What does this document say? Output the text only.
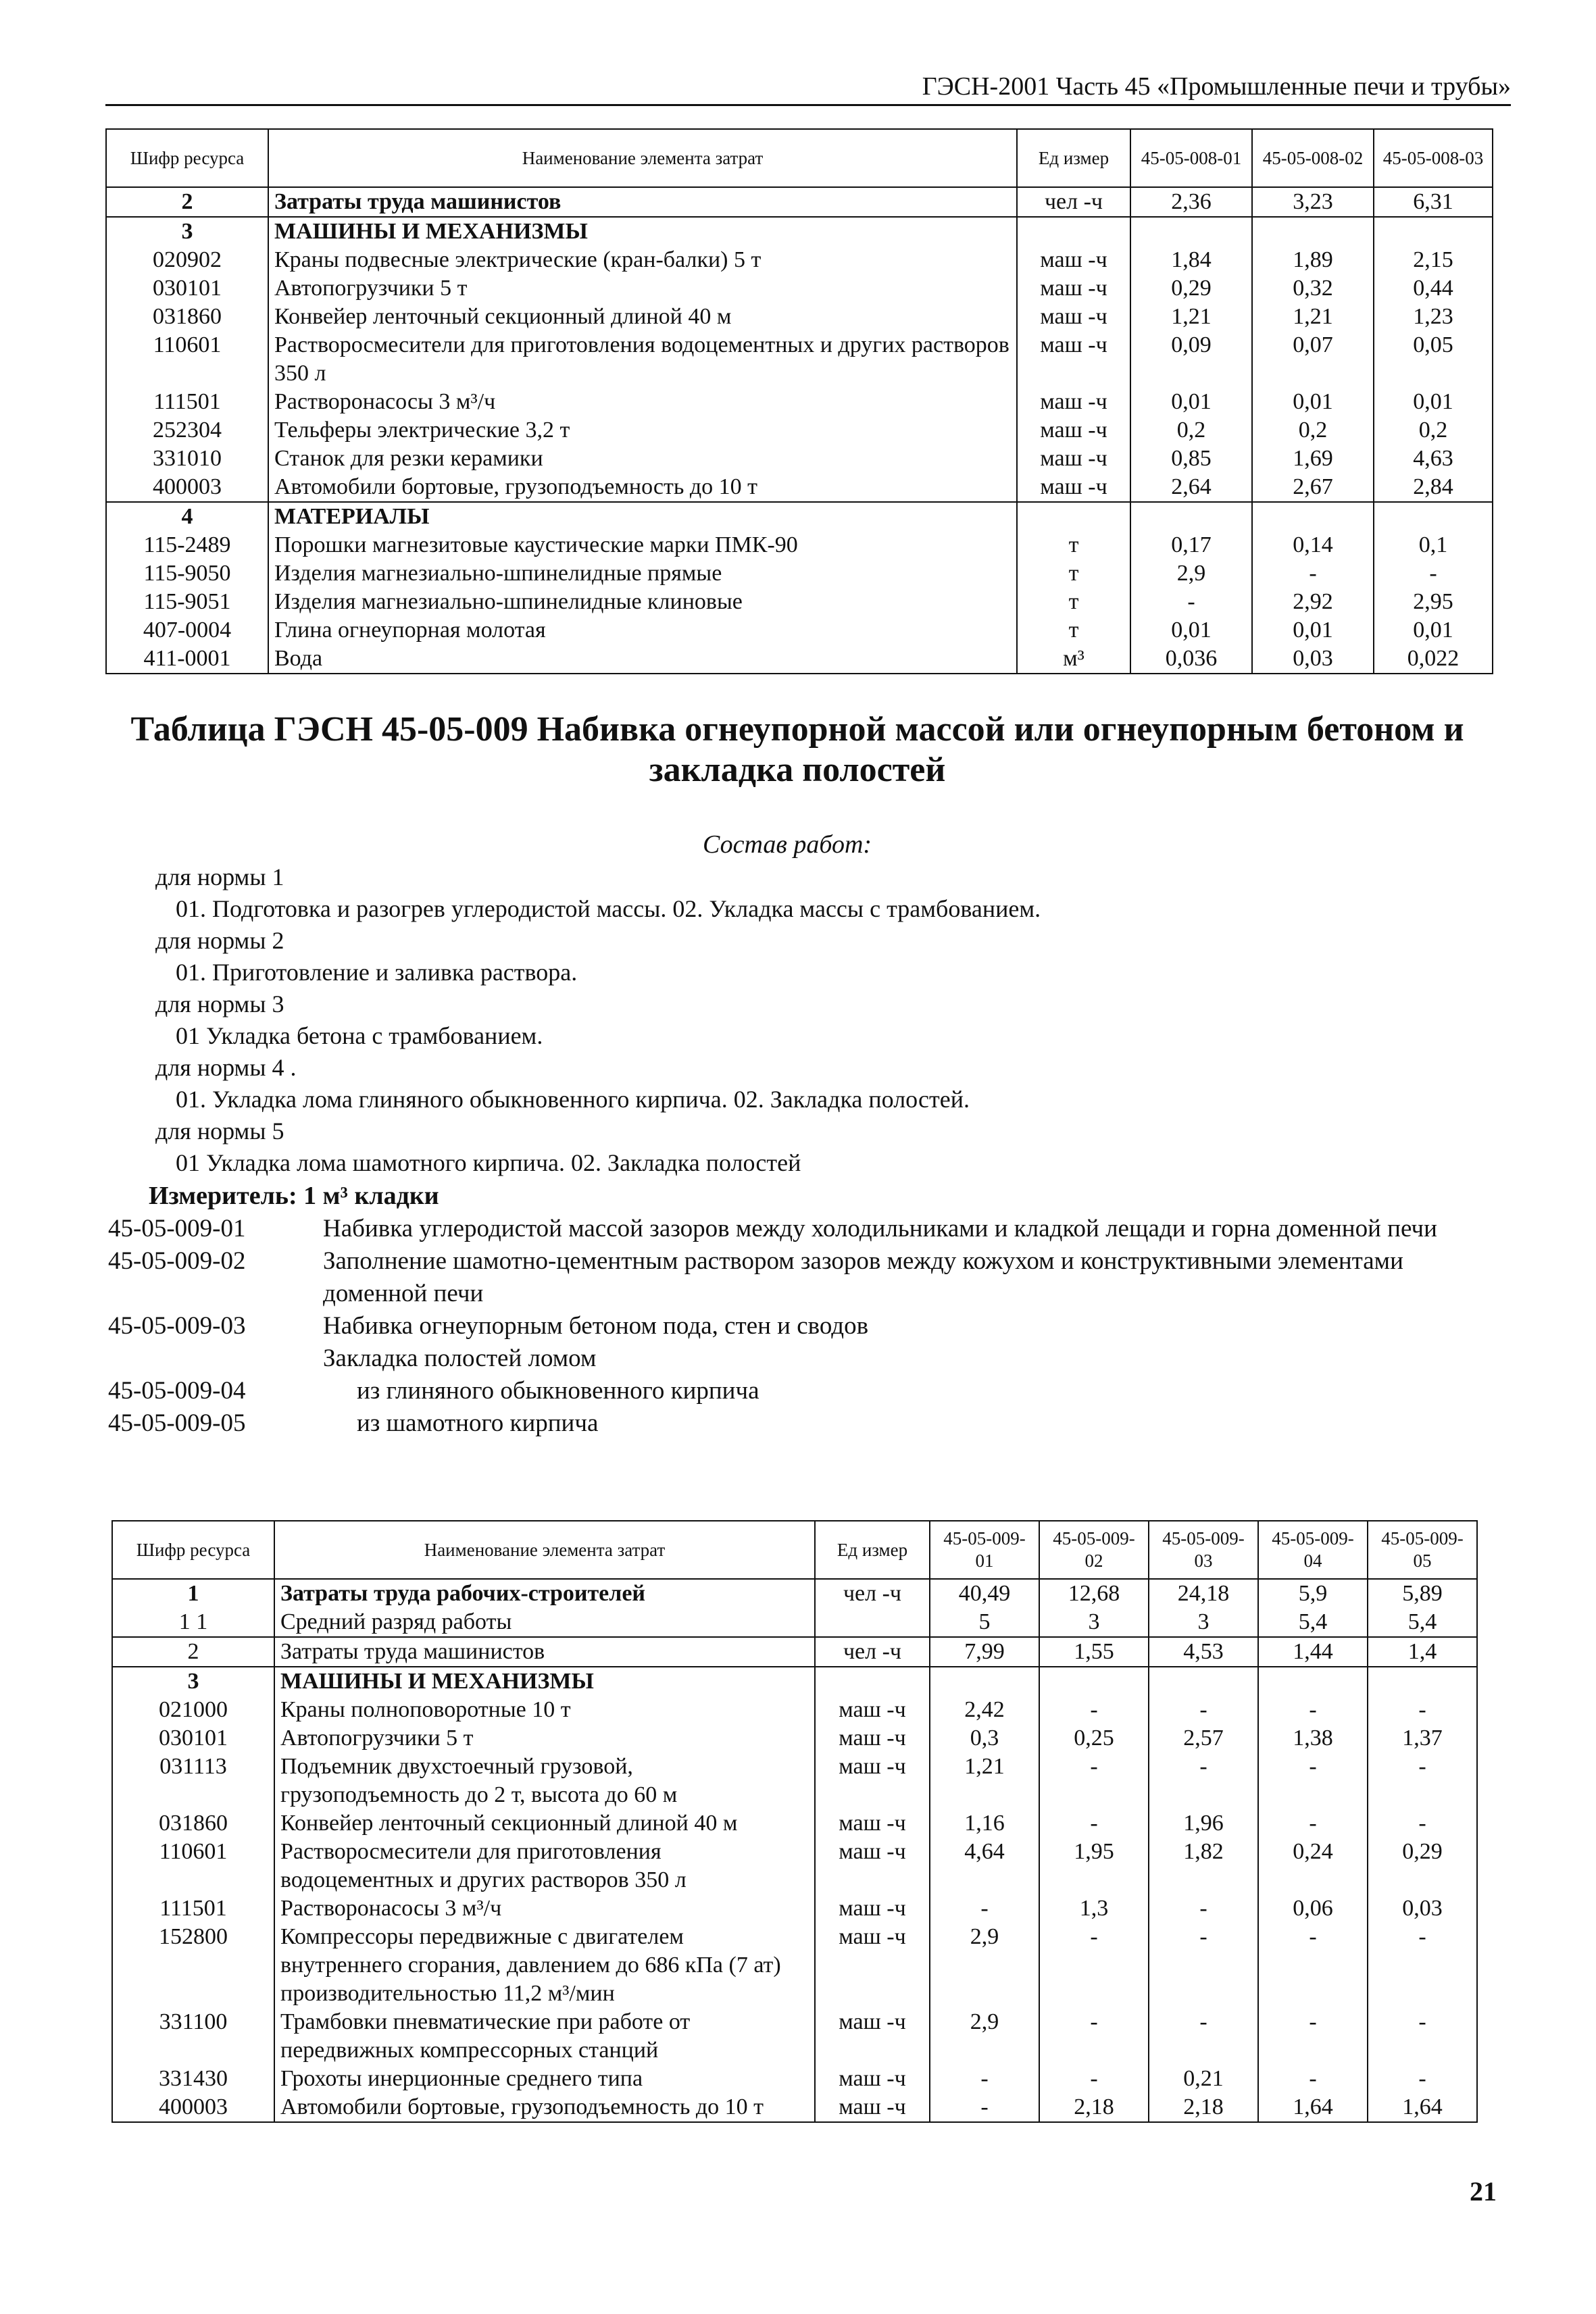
ГЭСН-2001 Часть 45 «Промышленные печи и трубы»
Шифр ресурса	Наименование элемента затрат	Ед измер	45-05-008-01	45-05-008-02	45-05-008-03
2	Затраты труда машинистов	чел -ч	2,36	3,23	6,31
3	МАШИНЫ И МЕХАНИЗМЫ				
020902	Краны подвесные электрические (кран-балки) 5 т	маш -ч	1,84	1,89	2,15
030101	Автопогрузчики 5 т	маш -ч	0,29	0,32	0,44
031860	Конвейер ленточный секционный длиной 40 м	маш -ч	1,21	1,21	1,23
110601	Растворосмесители для приготовления водоцементных и других растворов 350 л	маш -ч	0,09	0,07	0,05
111501	Растворонасосы 3 м³/ч	маш -ч	0,01	0,01	0,01
252304	Тельферы электрические 3,2 т	маш -ч	0,2	0,2	0,2
331010	Станок для резки керамики	маш -ч	0,85	1,69	4,63
400003	Автомобили бортовые, грузоподъемность до 10 т	маш -ч	2,64	2,67	2,84
4	МАТЕРИАЛЫ				
115-2489	Порошки магнезитовые каустические марки ПМК-90	т	0,17	0,14	0,1
115-9050	Изделия магнезиально-шпинелидные прямые	т	2,9	-	-
115-9051	Изделия магнезиально-шпинелидные клиновые	т	-	2,92	2,95
407-0004	Глина огнеупорная молотая	т	0,01	0,01	0,01
411-0001	Вода	м³	0,036	0,03	0,022
Таблица ГЭСН 45-05-009 Набивка огнеупорной массой или огнеупорным бетоном и закладка полостей
Состав работ:
для нормы 1
01. Подготовка и разогрев углеродистой массы. 02. Укладка массы с трамбованием.
для нормы 2
01. Приготовление и заливка раствора.
для нормы 3
01 Укладка бетона с трамбованием.
для нормы 4 .
01. Укладка лома глиняного обыкновенного кирпича. 02. Закладка полостей.
для нормы 5
01 Укладка лома шамотного кирпича. 02. Закладка полостей
Измеритель: 1 м³ кладки
45-05-009-01	Набивка углеродистой массой зазоров между холодильниками и кладкой лещади и горна доменной печи
45-05-009-02	Заполнение шамотно-цементным раствором зазоров между кожухом и конструктивными элементами доменной печи
45-05-009-03	Набивка огнеупорным бетоном пода, стен и сводов
Закладка полостей ломом
45-05-009-04	из глиняного обыкновенного кирпича
45-05-009-05	из шамотного кирпича
Шифр ресурса	Наименование элемента затрат	Ед измер	45-05-009-01	45-05-009-02	45-05-009-03	45-05-009-04	45-05-009-05
1	Затраты труда рабочих-строителей	чел -ч	40,49	12,68	24,18	5,9	5,89
1 1	Средний разряд работы		5	3	3	5,4	5,4
2	Затраты труда машинистов	чел -ч	7,99	1,55	4,53	1,44	1,4
3	МАШИНЫ И МЕХАНИЗМЫ						
021000	Краны полноповоротные 10 т	маш -ч	2,42	-	-	-	-
030101	Автопогрузчики 5 т	маш -ч	0,3	0,25	2,57	1,38	1,37
031113	Подъемник двухстоечный грузовой, грузоподъемность до 2 т, высота до 60 м	маш -ч	1,21	-	-	-	-
031860	Конвейер ленточный секционный длиной 40 м	маш -ч	1,16	-	1,96	-	-
110601	Растворосмесители для приготовления водоцементных и других растворов 350 л	маш -ч	4,64	1,95	1,82	0,24	0,29
111501	Растворонасосы 3 м³/ч	маш -ч	-	1,3	-	0,06	0,03
152800	Компрессоры передвижные с двигателем внутреннего сгорания, давлением до 686 кПа (7 ат) производительностью 11,2 м³/мин	маш -ч	2,9	-	-	-	-
331100	Трамбовки пневматические при работе от передвижных компрессорных станций	маш -ч	2,9	-	-	-	-
331430	Грохоты инерционные среднего типа	маш -ч	-	-	0,21	-	-
400003	Автомобили бортовые, грузоподъемность до 10 т	маш -ч	-	2,18	2,18	1,64	1,64
21
